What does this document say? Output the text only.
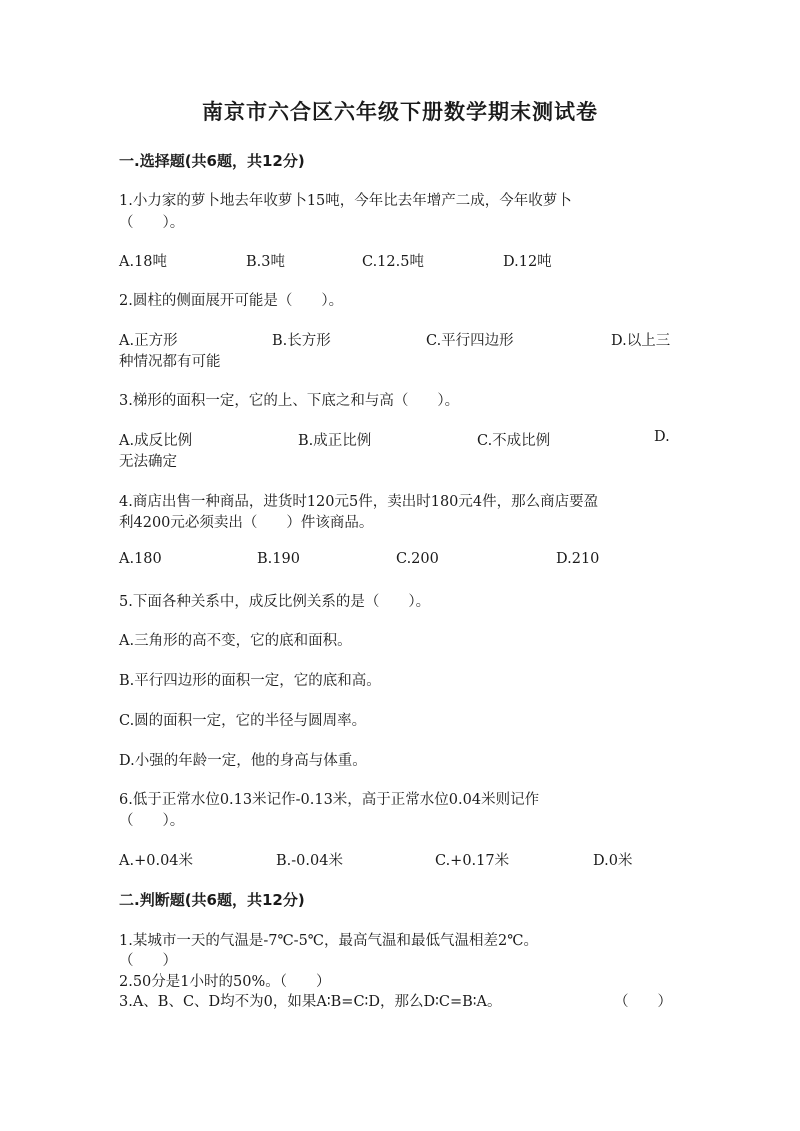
南京市六合区六年级下册数学期末测试卷
一.选择题(共6题，共12分)
1.小力家的萝卜地去年收萝卜15吨，今年比去年增产二成，今年收萝卜
（　　）。
A.18吨	B.3吨	C.12.5吨	D.12吨
2.圆柱的侧面展开可能是（　　）。
A.正方形	B.长方形	C.平行四边形	D.以上三
种情况都有可能
3.梯形的面积一定，它的上、下底之和与高（　　）。
A.成反比例	B.成正比例	C.不成比例	D.
无法确定
4.商店出售一种商品，进货时120元5件，卖出时180元4件，那么商店要盈
利4200元必须卖出（　　）件该商品。
A.180	B.190	C.200	D.210
5.下面各种关系中，成反比例关系的是（　　）。
A.三角形的高不变，它的底和面积。
B.平行四边形的面积一定，它的底和高。
C.圆的面积一定，它的半径与圆周率。
D.小强的年龄一定，他的身高与体重。
6.低于正常水位0.13米记作-0.13米，高于正常水位0.04米则记作
（　　）。
A.+0.04米	B.-0.04米	C.+0.17米	D.0米
二.判断题(共6题，共12分)
1.某城市一天的气温是-7℃-5℃，最高气温和最低气温相差2℃。
（　　）
2.50分是1小时的50%。（　　）
3.A、B、C、D均不为0，如果A∶B=C∶D，那么D∶C=B∶A。	（　　）
